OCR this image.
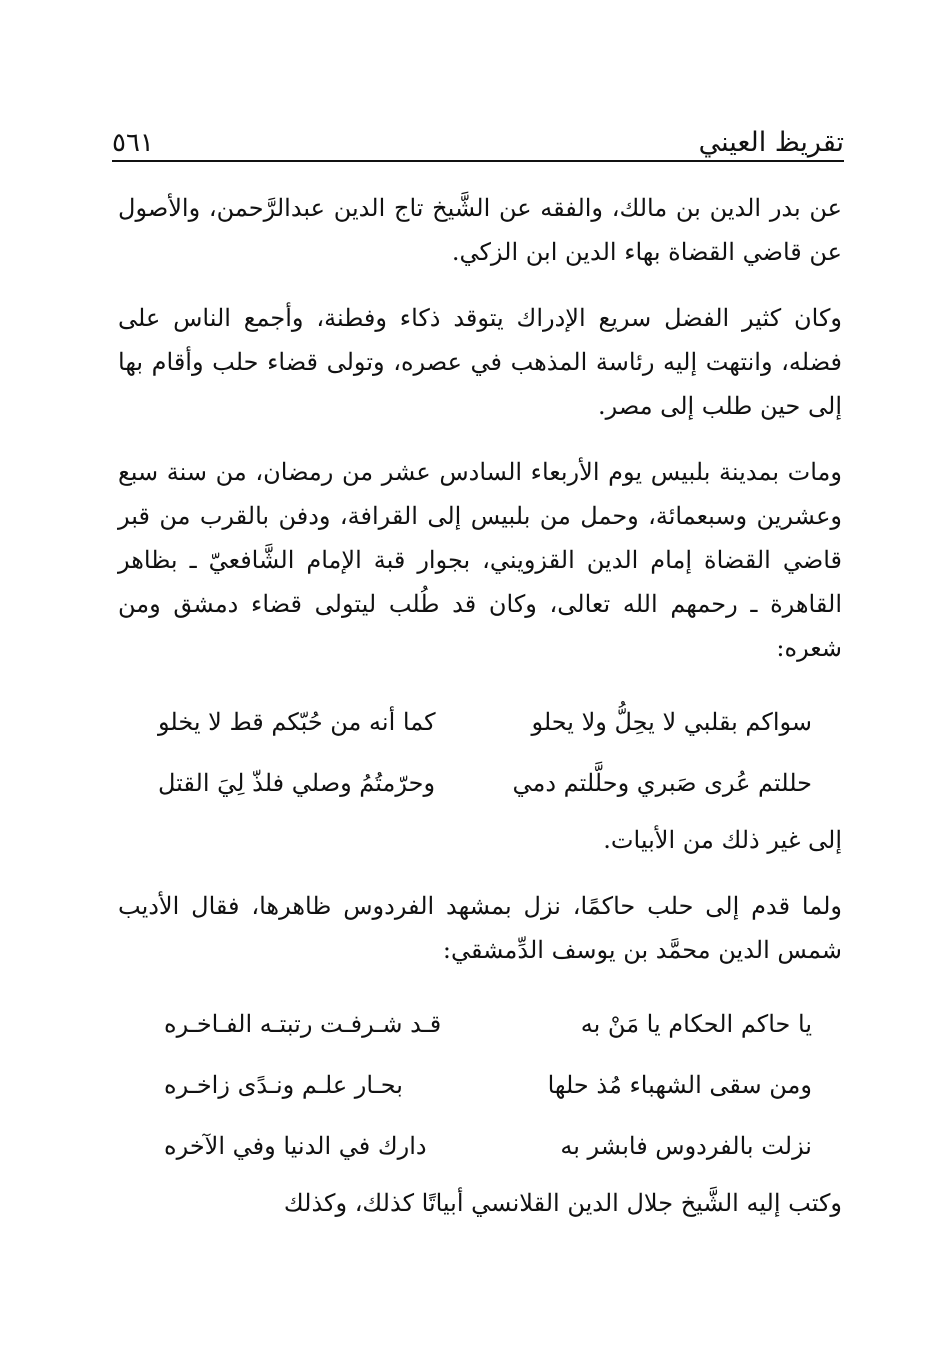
تقريظ العيني
٥٦١

عن بدر الدين بن مالك، والفقه عن الشَّيخ تاج الدين عبدالرَّحمن، والأصول عن قاضي القضاة بهاء الدين ابن الزكي.

وكان كثير الفضل سريع الإدراك يتوقد ذكاء وفطنة، وأجمع الناس على فضله، وانتهت إليه رئاسة المذهب في عصره، وتولى قضاء حلب وأقام بها إلى حين طلب إلى مصر.

ومات بمدينة بلبيس يوم الأربعاء السادس عشر من رمضان، من سنة سبع وعشرين وسبعمائة، وحمل من بلبيس إلى القرافة، ودفن بالقرب من قبر قاضي القضاة إمام الدين القزويني، بجوار قبة الإمام الشَّافعيّ ـ بظاهر القاهرة ـ رحمهم الله تعالى، وكان قد طُلب ليتولى قضاء دمشق ومن شعره:

سواكم بقلبي لا يحِلُّ ولا يحلو
كما أنه من حُبّكم قط لا يخلو
حللتم عُرى صَبري وحلَّلتم دمي
وحرّمتُمُ وصلي فلذّ لِيَ القتل

إلى غير ذلك من الأبيات.

ولما قدم إلى حلب حاكمًا، نزل بمشهد الفردوس ظاهرها، فقال الأديب شمس الدين محمَّد بن يوسف الدِّمشقي:

يا حاكم الحكام يا مَنْ به
قـد شـرفـت رتبتـه الفـاخـره
ومن سقى الشهباء مُذ حلها
بحـار علـم ونـدًى زاخـره
نزلت بالفردوس فابشر به
دارك في الدنيا وفي الآخره

وكتب إليه الشَّيخ جلال الدين القلانسي أبياتًا كذلك، وكذلك
